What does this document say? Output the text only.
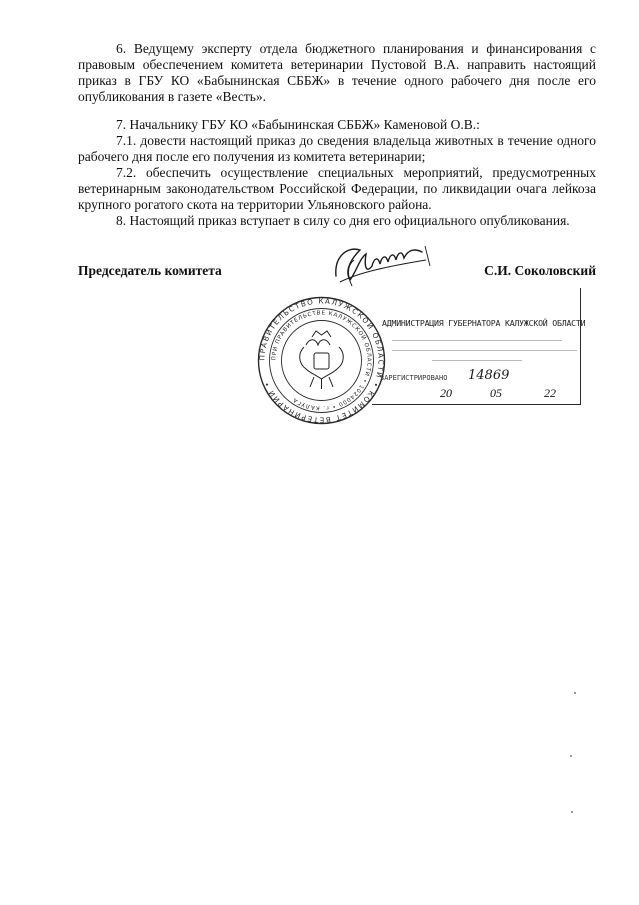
6. Ведущему эксперту отдела бюджетного планирования и финансирования с правовым обеспечением комитета ветеринарии Пустовой В.А. направить настоящий приказ в ГБУ КО «Бабынинская СББЖ» в течение одного рабочего дня после его опубликования в газете «Весть».

7. Начальнику ГБУ КО «Бабынинская СББЖ» Каменовой О.В.:

7.1. довести настоящий приказ до сведения владельца животных в течение одного рабочего дня после его получения из комитета ветеринарии;

7.2. обеспечить осуществление специальных мероприятий, предусмотренных ветеринарным законодательством Российской Федерации, по ликвидации очага лейкоза крупного рогатого скота на территории Ульяновского района.

8. Настоящий приказ вступает в силу со дня его официального опубликования.

Председатель комитета	С.И. Соколовский
ПРАВИТЕЛЬСТВО КАЛУЖСКОЙ ОБЛАСТИ • КОМИТЕТ ВЕТЕРИНАРИИ •
ПРИ ПРАВИТЕЛЬСТВЕ КАЛУЖСКОЙ ОБЛАСТИ • 1024000 • г. КАЛУГА
АДМИНИСТРАЦИЯ ГУБЕРНАТОРА КАЛУЖСКОЙ ОБЛАСТИ
ЗАРЕГИСТРИРОВАНО 14869
20	05	22
